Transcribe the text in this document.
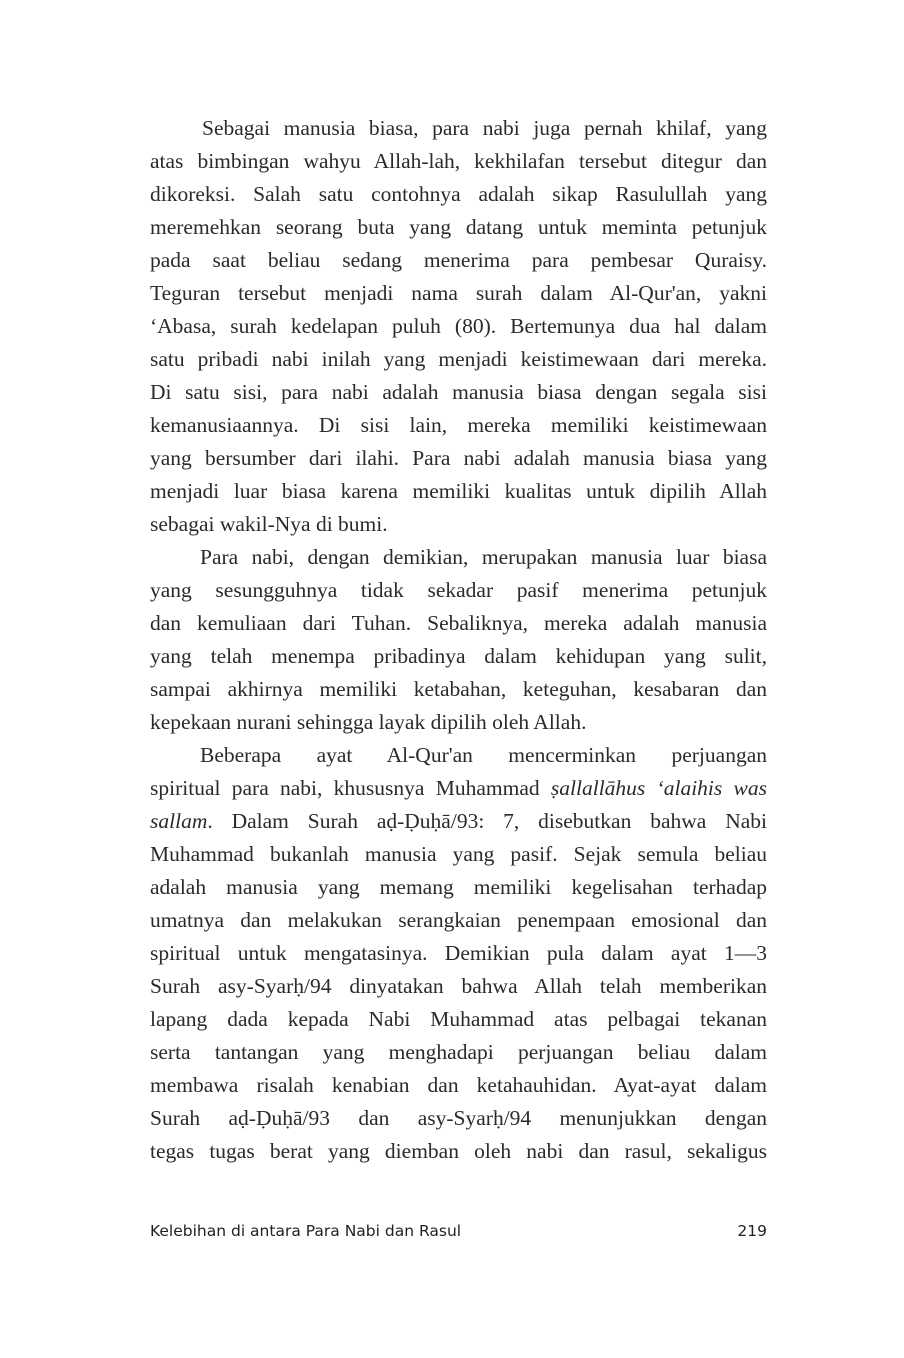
Sebagai manusia biasa, para nabi juga pernah khilaf, yang
atas bimbingan wahyu Allah-lah, kekhilafan tersebut ditegur dan
dikoreksi. Salah satu contohnya adalah sikap Rasulullah yang
meremehkan seorang buta yang datang untuk meminta petunjuk
pada saat beliau sedang menerima para pembesar Quraisy.
Teguran tersebut menjadi nama surah dalam Al-Qur'an, yakni
‘Abasa, surah kedelapan puluh (80). Bertemunya dua hal dalam
satu pribadi nabi inilah yang menjadi keistimewaan dari mereka.
Di satu sisi, para nabi adalah manusia biasa dengan segala sisi
kemanusiaannya. Di sisi lain, mereka memiliki keistimewaan
yang bersumber dari ilahi. Para nabi adalah manusia biasa yang
menjadi luar biasa karena memiliki kualitas untuk dipilih Allah
sebagai wakil-Nya di bumi.
Para nabi, dengan demikian, merupakan manusia luar biasa
yang sesungguhnya tidak sekadar pasif menerima petunjuk
dan kemuliaan dari Tuhan. Sebaliknya, mereka adalah manusia
yang telah menempa pribadinya dalam kehidupan yang sulit,
sampai akhirnya memiliki ketabahan, keteguhan, kesabaran dan
kepekaan nurani sehingga layak dipilih oleh Allah.
Beberapa ayat Al-Qur'an mencerminkan perjuangan
spiritual para nabi, khususnya Muhammad ṣallallāhus ‘alaihis was
sallam. Dalam Surah aḍ-Ḍuḥā/93: 7, disebutkan bahwa Nabi
Muhammad bukanlah manusia yang pasif. Sejak semula beliau
adalah manusia yang memang memiliki kegelisahan terhadap
umatnya dan melakukan serangkaian penempaan emosional dan
spiritual untuk mengatasinya. Demikian pula dalam ayat 1—3
Surah asy-Syarḥ/94 dinyatakan bahwa Allah telah memberikan
lapang dada kepada Nabi Muhammad atas pelbagai tekanan
serta tantangan yang menghadapi perjuangan beliau dalam
membawa risalah kenabian dan ketahauhidan. Ayat-ayat dalam
Surah aḍ-Ḍuḥā/93 dan asy-Syarḥ/94 menunjukkan dengan
tegas tugas berat yang diemban oleh nabi dan rasul, sekaligus
Kelebihan di antara Para Nabi dan Rasul	219
